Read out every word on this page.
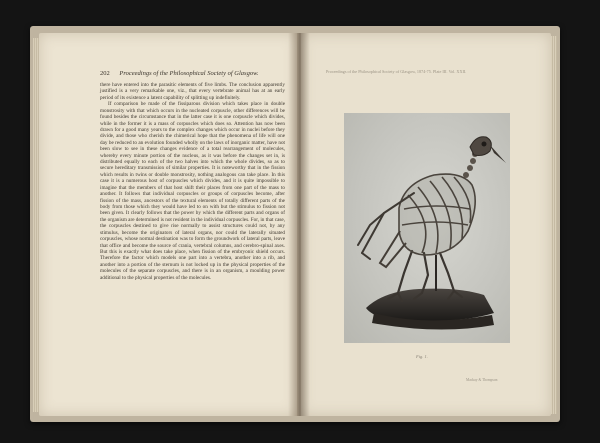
202 Proceedings of the Philosophical Society of Glasgow.

there have entered into the parasitic elements of five limbs. The conclusion apparently justified is a very remarkable one, viz., that every vertebrate animal has at an early period of its existence a latent capability of splitting up indefinitely.

If comparison be made of the fissiparous division which takes place in double monstrosity with that which occurs in the nucleated corpuscle, other differences will be found besides the circumstance that in the latter case it is one corpuscle which divides, while in the former it is a mass of corpuscles which does so. Attention has now been drawn for a good many years to the complex changes which occur in nuclei before they divide, and those who cherish the chimerical hope that the phenomena of life will one day be reduced to an evolution founded wholly on the laws of inorganic matter, have not been slow to see in these changes evidence of a total rearrangement of molecules, whereby every minute portion of the nucleus, as it was before the changes set in, is distributed equally to each of the two halves into which the whole divides, so as to secure hereditary transmission of similar properties. It is noteworthy that in the fission which results in twins or double monstrosity, nothing analogous can take place. In this case it is a numerous host of corpuscles which divides, and it is quite impossible to imagine that the members of that host shift their places from one part of the mass to another. It follows that individual corpuscles or groups of corpuscles become, after fission of the mass, ancestors of the textural elements of totally different parts of the body from those which they would have led to on with but the stimulus to fission not been given. It clearly follows that the power by which the different parts and organs of the organism are determined is not resident in the individual corpuscles. For, in that case, the corpuscles destined to give rise normally to assist structures could not, by any stimulus, become the originators of lateral organs, nor could the laterally situated corpuscles, whose normal destination was to form the groundwork of lateral parts, leave that office and become the source of crania, vertebral columns, and cerebro-spinal axes. But this is exactly what does take place, when fission of the embryonic shield occurs. Therefore the factor which models one part into a vertebra, another into a rib, and another into a portion of the sternum is not locked up in the physical properties of the molecules of the separate corpuscles, and there is in an organism, a moulding power additional to the physical properties of the molecules.

Proceedings of the Philosophical Society of Glasgow, 1874-75. Plate III. Vol. XXII.
Fig. 1.
Mackay & Thompson
